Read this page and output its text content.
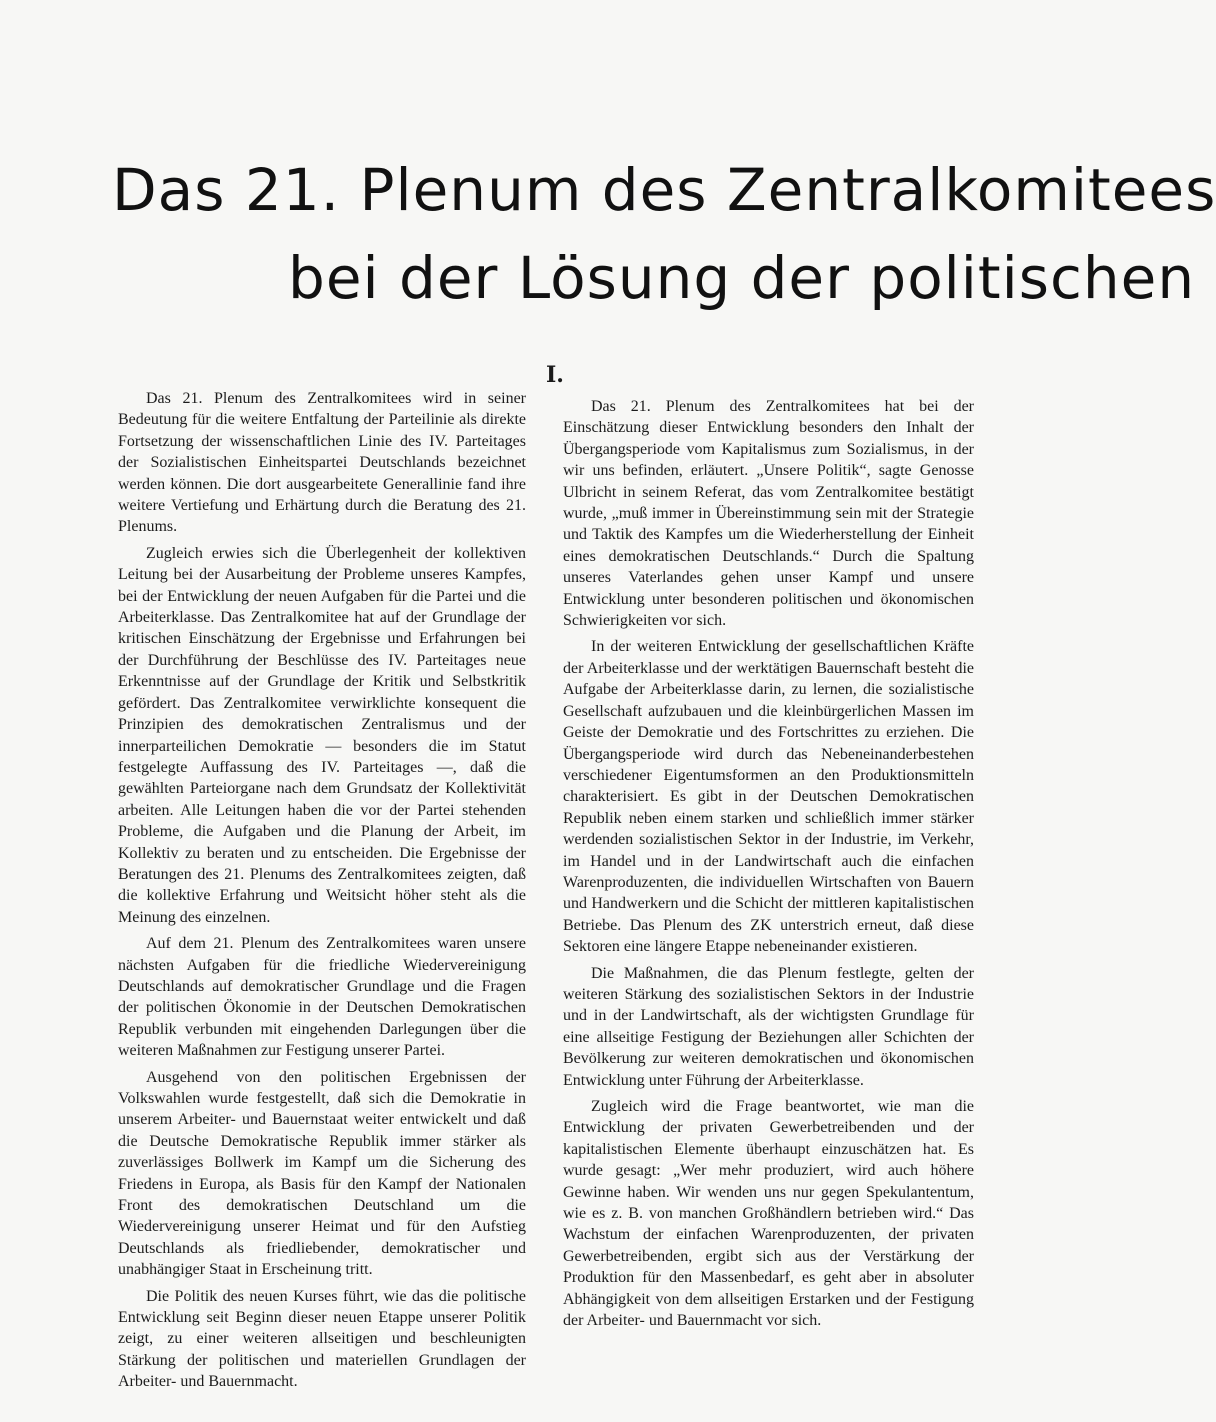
Das 21. Plenum des Zentralkomitees
bei der Lösung der politischen
I.

Das 21. Plenum des Zentralkomitees wird in seiner Bedeutung für die weitere Entfaltung der Parteilinie als direkte Fortsetzung der wissenschaftlichen Linie des IV. Parteitages der Sozialistischen Einheitspartei Deutschlands bezeichnet werden können. Die dort ausgearbeitete Generallinie fand ihre weitere Vertiefung und Erhärtung durch die Beratung des 21. Plenums.

Zugleich erwies sich die Überlegenheit der kollektiven Leitung bei der Ausarbeitung der Probleme unseres Kampfes, bei der Entwicklung der neuen Aufgaben für die Partei und die Arbeiterklasse. Das Zentralkomitee hat auf der Grundlage der kritischen Einschätzung der Ergebnisse und Erfahrungen bei der Durchführung der Beschlüsse des IV. Parteitages neue Erkenntnisse auf der Grundlage der Kritik und Selbstkritik gefördert. Das Zentralkomitee verwirklichte konsequent die Prinzipien des demokratischen Zentralismus und der innerparteilichen Demokratie — besonders die im Statut festgelegte Auffassung des IV. Parteitages —, daß die gewählten Parteiorgane nach dem Grundsatz der Kollektivität arbeiten. Alle Leitungen haben die vor der Partei stehenden Probleme, die Aufgaben und die Planung der Arbeit, im Kollektiv zu beraten und zu entscheiden. Die Ergebnisse der Beratungen des 21. Plenums des Zentralkomitees zeigten, daß die kollektive Erfahrung und Weitsicht höher steht als die Meinung des einzelnen.

Auf dem 21. Plenum des Zentralkomitees waren unsere nächsten Aufgaben für die friedliche Wiedervereinigung Deutschlands auf demokratischer Grundlage und die Fragen der politischen Ökonomie in der Deutschen Demokratischen Republik verbunden mit eingehenden Darlegungen über die weiteren Maßnahmen zur Festigung unserer Partei.

Ausgehend von den politischen Ergebnissen der Volkswahlen wurde festgestellt, daß sich die Demokratie in unserem Arbeiter- und Bauernstaat weiter entwickelt und daß die Deutsche Demokratische Republik immer stärker als zuverlässiges Bollwerk im Kampf um die Sicherung des Friedens in Europa, als Basis für den Kampf der Nationalen Front des demokratischen Deutschland um die Wiedervereinigung unserer Heimat und für den Aufstieg Deutschlands als friedliebender, demokratischer und unabhängiger Staat in Erscheinung tritt.

Die Politik des neuen Kurses führt, wie das die politische Entwicklung seit Beginn dieser neuen Etappe unserer Politik zeigt, zu einer weiteren allseitigen und beschleunigten Stärkung der politischen und materiellen Grundlagen der Arbeiter- und Bauernmacht.

Das 21. Plenum des Zentralkomitees hat bei der Einschätzung dieser Entwicklung besonders den Inhalt der Übergangsperiode vom Kapitalismus zum Sozialismus, in der wir uns befinden, erläutert. „Unsere Politik“, sagte Genosse Ulbricht in seinem Referat, das vom Zentralkomitee bestätigt wurde, „muß immer in Übereinstimmung sein mit der Strategie und Taktik des Kampfes um die Wiederherstellung der Einheit eines demokratischen Deutschlands.“ Durch die Spaltung unseres Vaterlandes gehen unser Kampf und unsere Entwicklung unter besonderen politischen und ökonomischen Schwierigkeiten vor sich.

In der weiteren Entwicklung der gesellschaftlichen Kräfte der Arbeiterklasse und der werktätigen Bauernschaft besteht die Aufgabe der Arbeiterklasse darin, zu lernen, die sozialistische Gesellschaft aufzubauen und die kleinbürgerlichen Massen im Geiste der Demokratie und des Fortschrittes zu erziehen. Die Übergangsperiode wird durch das Nebeneinanderbestehen verschiedener Eigentumsformen an den Produktionsmitteln charakterisiert. Es gibt in der Deutschen Demokratischen Republik neben einem starken und schließlich immer stärker werdenden sozialistischen Sektor in der Industrie, im Verkehr, im Handel und in der Landwirtschaft auch die einfachen Warenproduzenten, die individuellen Wirtschaften von Bauern und Handwerkern und die Schicht der mittleren kapitalistischen Betriebe. Das Plenum des ZK unterstrich erneut, daß diese Sektoren eine längere Etappe nebeneinander existieren.

Die Maßnahmen, die das Plenum festlegte, gelten der weiteren Stärkung des sozialistischen Sektors in der Industrie und in der Landwirtschaft, als der wichtigsten Grundlage für eine allseitige Festigung der Beziehungen aller Schichten der Bevölkerung zur weiteren demokratischen und ökonomischen Entwicklung unter Führung der Arbeiterklasse.

Zugleich wird die Frage beantwortet, wie man die Entwicklung der privaten Gewerbetreibenden und der kapitalistischen Elemente überhaupt einzuschätzen hat. Es wurde gesagt: „Wer mehr produziert, wird auch höhere Gewinne haben. Wir wenden uns nur gegen Spekulantentum, wie es z. B. von manchen Großhändlern betrieben wird.“ Das Wachstum der einfachen Warenproduzenten, der privaten Gewerbetreibenden, ergibt sich aus der Verstärkung der Produktion für den Massenbedarf, es geht aber in absoluter Abhängigkeit von dem allseitigen Erstarken und der Festigung der Arbeiter- und Bauernmacht vor sich.
